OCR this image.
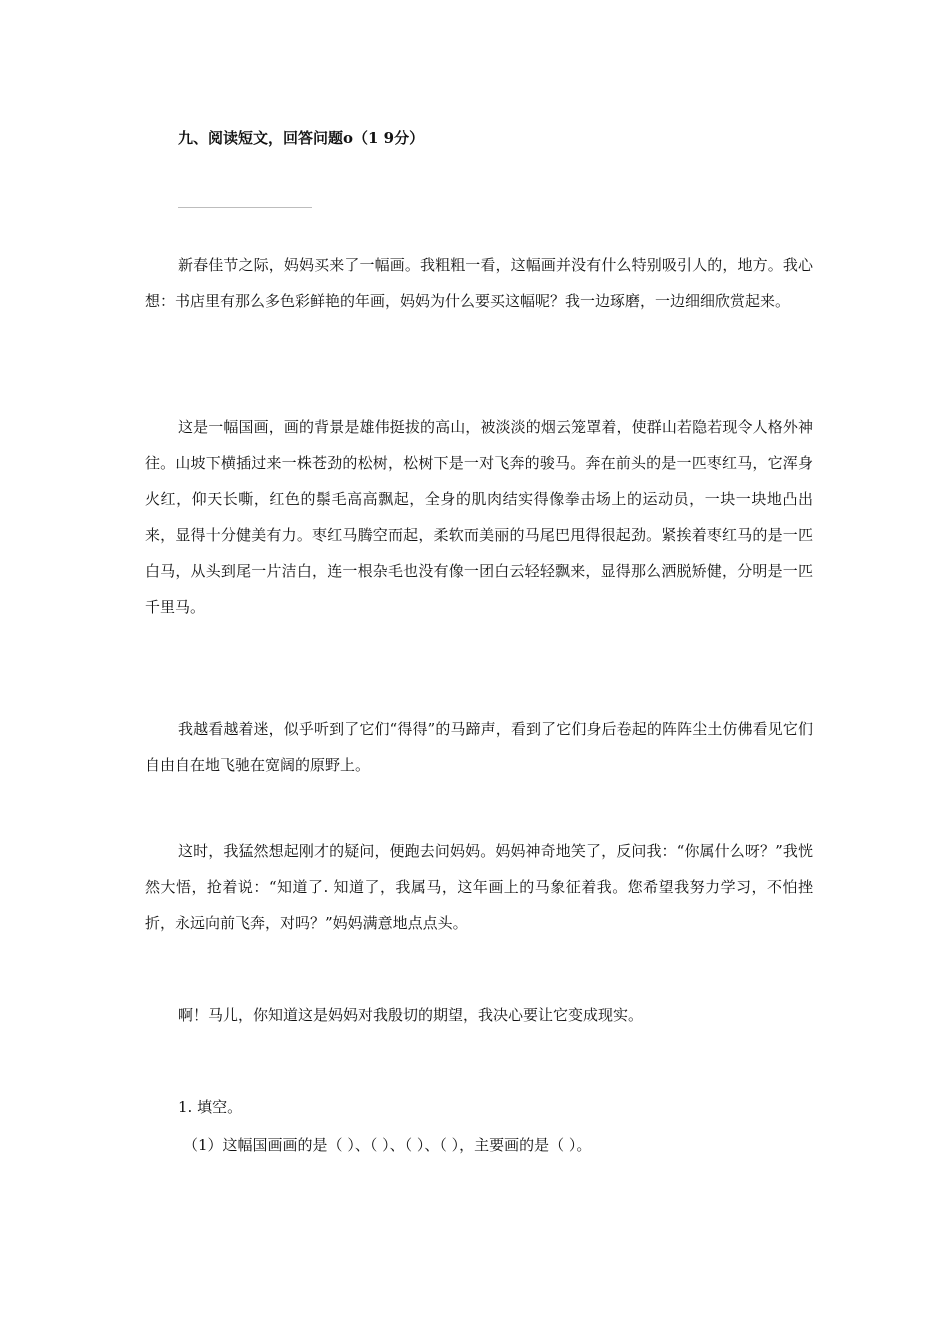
九、阅读短文，回答问题o（1 9分）

新春佳节之际，妈妈买来了一幅画。我粗粗一看，这幅画并没有什么特别吸引人的，地方。我心想：书店里有那么多色彩鲜艳的年画，妈妈为什么要买这幅呢？我一边琢磨，一边细细欣赏起来。

这是一幅国画，画的背景是雄伟挺拔的高山，被淡淡的烟云笼罩着，使群山若隐若现令人格外神往。山坡下横插过来一株苍劲的松树，松树下是一对飞奔的骏马。奔在前头的是一匹枣红马，它浑身火红，仰天长嘶，红色的鬃毛高高飘起，全身的肌肉结实得像拳击场上的运动员，一块一块地凸出来，显得十分健美有力。枣红马腾空而起，柔软而美丽的马尾巴甩得很起劲。紧挨着枣红马的是一匹白马，从头到尾一片洁白，连一根杂毛也没有像一团白云轻轻飘来，显得那么洒脱矫健，分明是一匹千里马。

我越看越着迷，似乎听到了它们“得得”的马蹄声，看到了它们身后卷起的阵阵尘土仿佛看见它们自由自在地飞驰在宽阔的原野上。

这时，我猛然想起刚才的疑问，便跑去问妈妈。妈妈神奇地笑了，反问我：“你属什么呀？”我恍然大悟，抢着说：“知道了. 知道了，我属马，这年画上的马象征着我。您希望我努力学习，不怕挫折，永远向前飞奔，对吗？”妈妈满意地点点头。

啊！马儿，你知道这是妈妈对我殷切的期望，我决心要让它变成现实。

1. 填空。
（1）这幅国画画的是（ ）、（ ）、（ ）、（ ），主要画的是（ ）。
